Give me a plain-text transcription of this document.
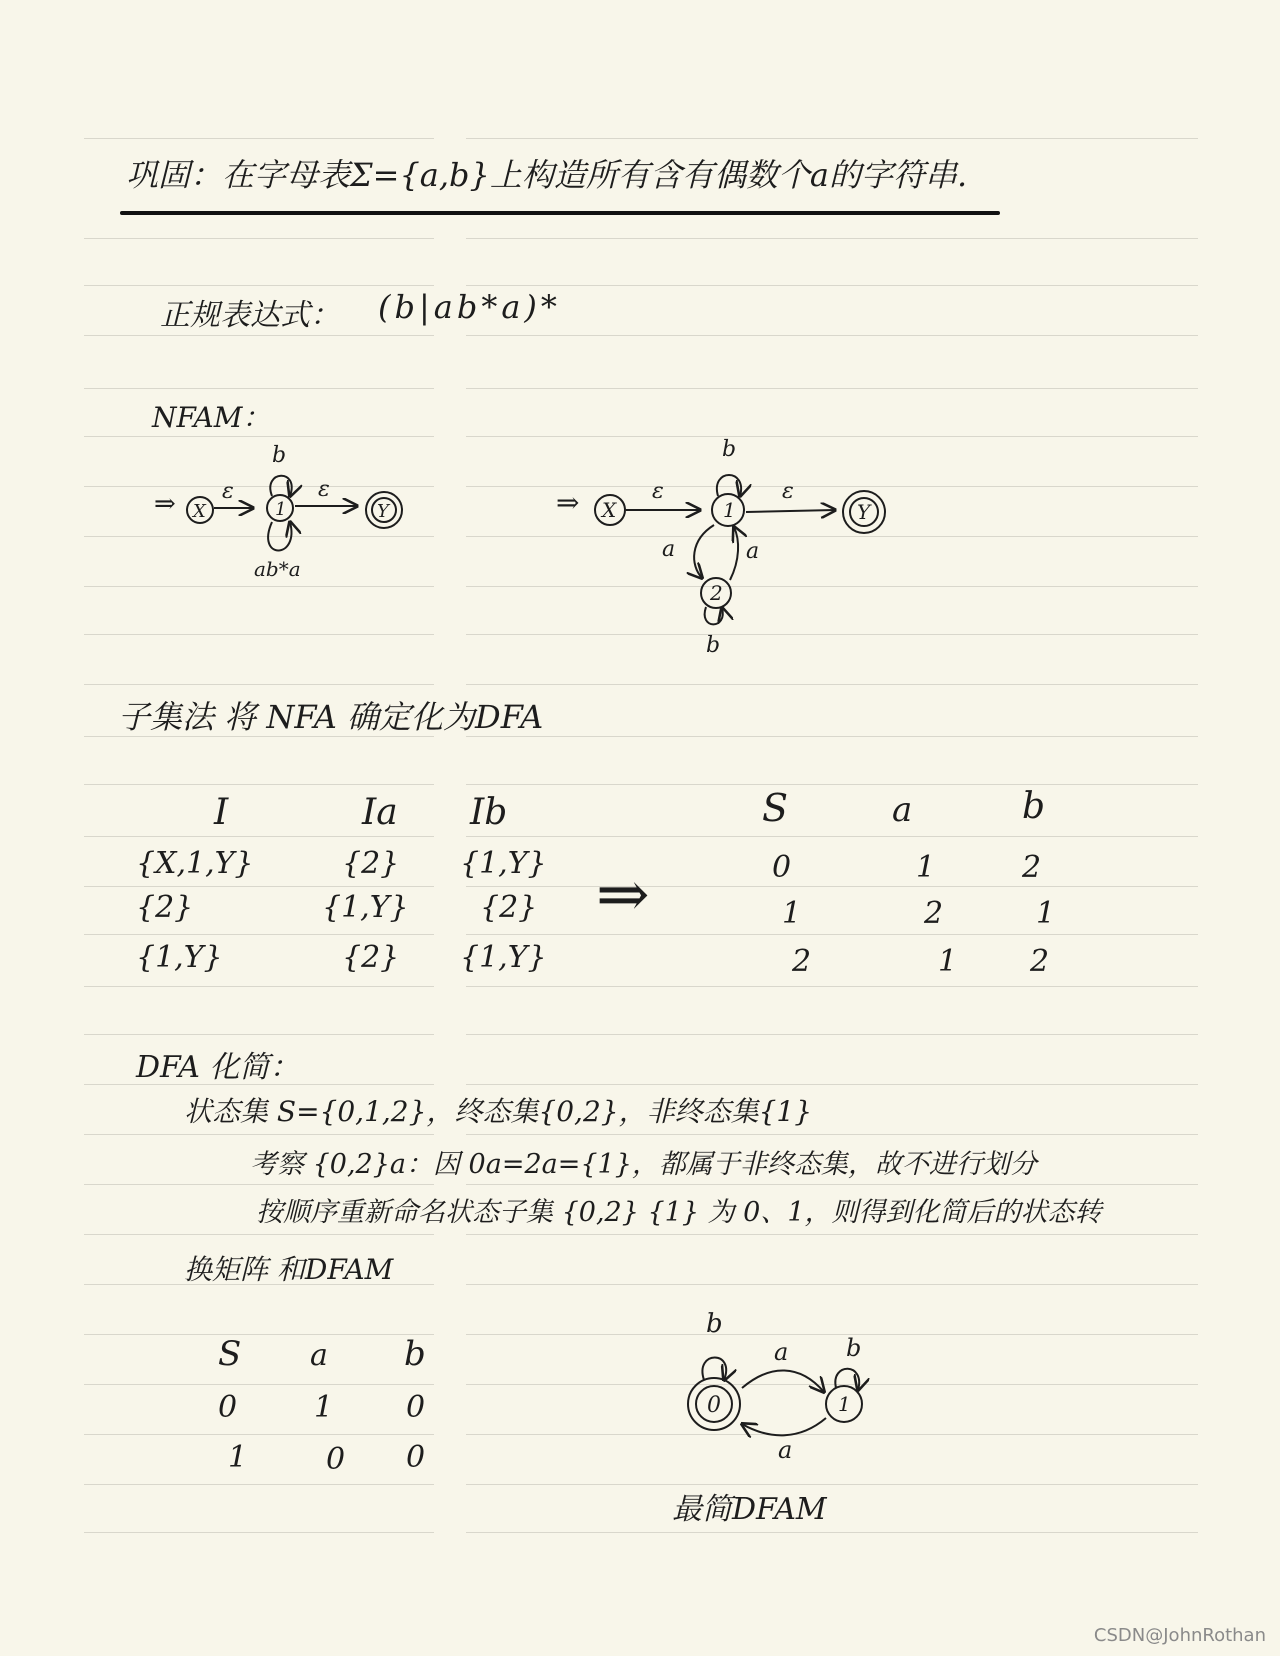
巩固：在字母表Σ={a,b}上构造所有含有偶数个a的字符串.
正规表达式： (b|ab*a)*
NFAM：
⇒ X
ε
1
b
ab*a
ε
Y	⇒ X
ε
1
b
ε
Y
a	a
2
b
子集法 将 NFA 确定化为DFA
I	Ia Ib
{X,1,Y}	{2} {1,Y}
{2}	{1,Y} {2}
{1,Y}	{2} {1,Y}
⇒
S	a	b
0	1	2
1	2	1
2	1 2
DFA 化简：
状态集 S={0,1,2}，终态集{0,2}，非终态集{1}
考察 {0,2}a：因 0a=2a={1}，都属于非终态集，故不进行划分
按顺序重新命名状态子集 {0,2} {1} 为 0、1，则得到化简后的状态转
换矩阵 和DFAM
S a b
0	1 0
1	0 0
0
b
1
b
a
a
最简DFAM
CSDN@JohnRothan
